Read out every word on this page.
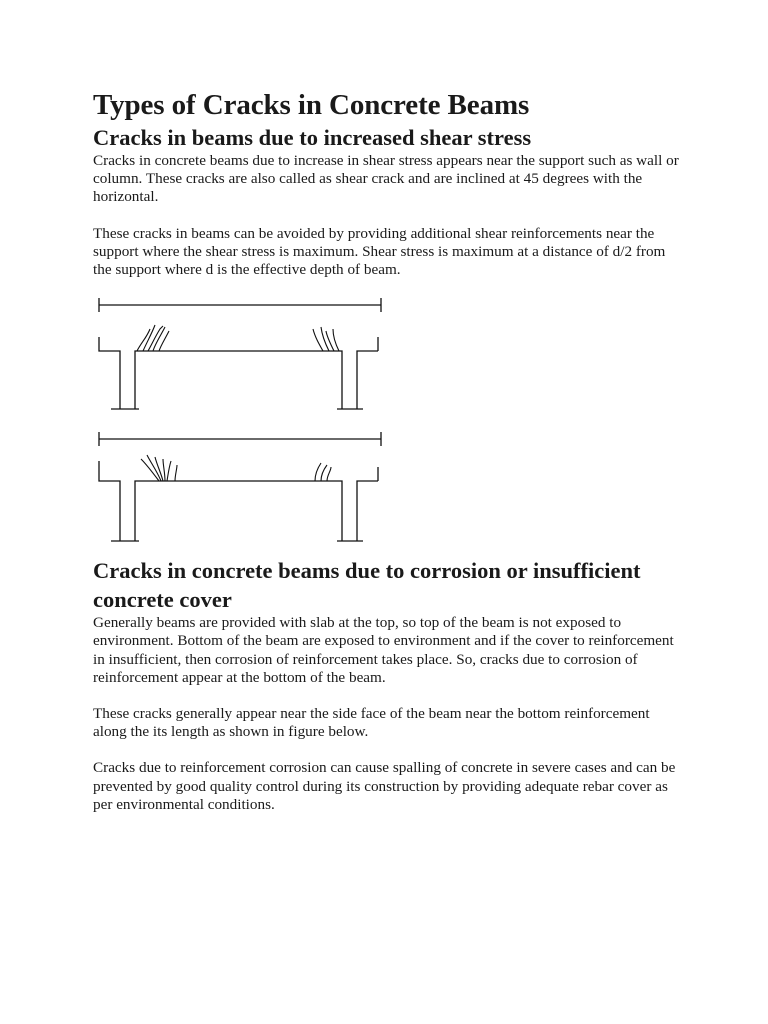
Types of Cracks in Concrete Beams
Cracks in beams due to increased shear stress

Cracks in concrete beams due to increase in shear stress appears near the support such as wall or column. These cracks are also called as shear crack and are inclined at 45 degrees with the horizontal.

These cracks in beams can be avoided by providing additional shear reinforcements near the support where the shear stress is maximum. Shear stress is maximum at a distance of d/2 from the support where d is the effective depth of beam.

Cracks in concrete beams due to corrosion or insufficient concrete cover

Generally beams are provided with slab at the top, so top of the beam is not exposed to environment. Bottom of the beam are exposed to environment and if the cover to reinforcement in insufficient, then corrosion of reinforcement takes place. So, cracks due to corrosion of reinforcement appear at the bottom of the beam.

These cracks generally appear near the side face of the beam near the bottom reinforcement along the its length as shown in figure below.

Cracks due to reinforcement corrosion can cause spalling of concrete in severe cases and can be prevented by good quality control during its construction by providing adequate rebar cover as per environmental conditions.
